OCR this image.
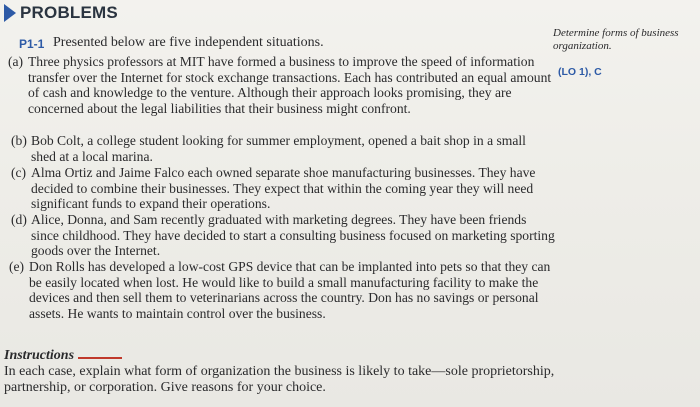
PROBLEMS
P1-1 Presented below are five independent situations.
Determine forms of business organization.
(LO 1), C
(a) Three physics professors at MIT have formed a business to improve the speed of information transfer over the Internet for stock exchange transactions. Each has contributed an equal amount of cash and knowledge to the venture. Although their approach looks promising, they are concerned about the legal liabilities that their business might confront.
(b) Bob Colt, a college student looking for summer employment, opened a bait shop in a small shed at a local marina.
(c) Alma Ortiz and Jaime Falco each owned separate shoe manufacturing businesses. They have decided to combine their businesses. They expect that within the coming year they will need significant funds to expand their operations.
(d) Alice, Donna, and Sam recently graduated with marketing degrees. They have been friends since childhood. They have decided to start a consulting business focused on marketing sporting goods over the Internet.
(e) Don Rolls has developed a low-cost GPS device that can be implanted into pets so that they can be easily located when lost. He would like to build a small manufacturing facility to make the devices and then sell them to veterinarians across the country. Don has no savings or personal assets. He wants to maintain control over the business.
Instructions
In each case, explain what form of organization the business is likely to take—sole proprietorship, partnership, or corporation. Give reasons for your choice.
